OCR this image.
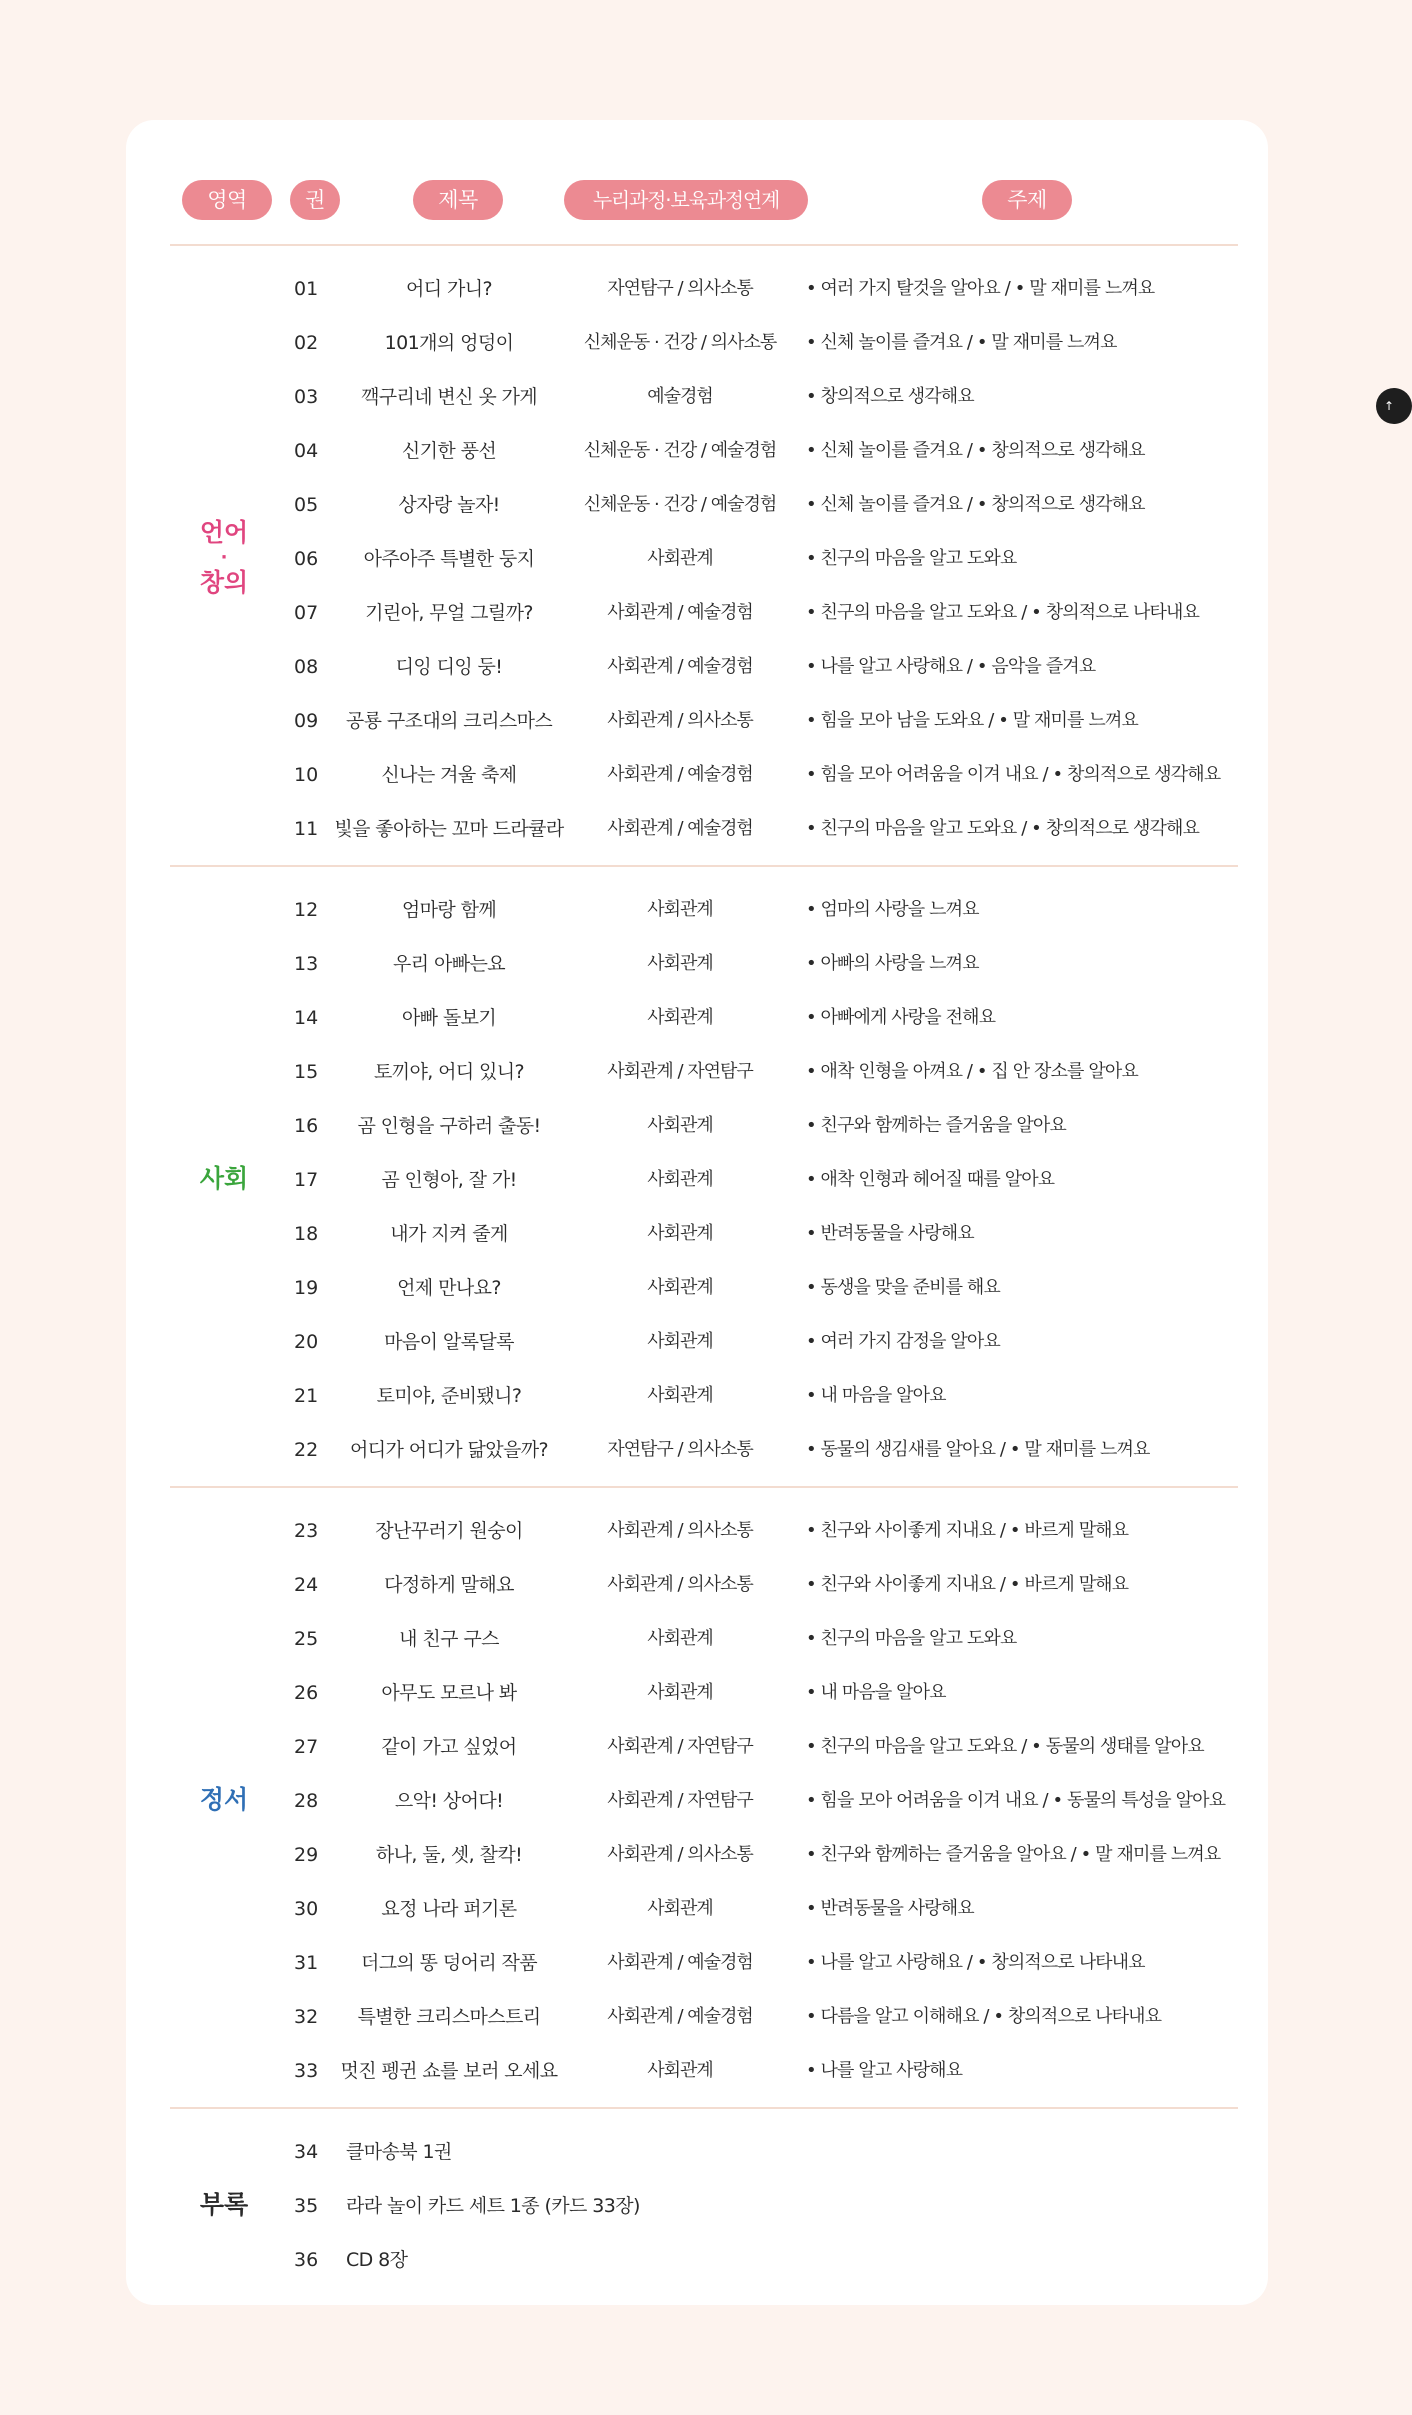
영역	권	제목	누리과정·보육과정연계	주제
언어
·
창의
01	어디 가니?	자연탐구 / 의사소통	• 여러 가지 탈것을 알아요 / • 말 재미를 느껴요
02	101개의 엉덩이	신체운동 · 건강 / 의사소통	• 신체 놀이를 즐겨요 / • 말 재미를 느껴요
03	깩구리네 변신 옷 가게	예술경험	• 창의적으로 생각해요
04	신기한 풍선	신체운동 · 건강 / 예술경험	• 신체 놀이를 즐겨요 / • 창의적으로 생각해요
05	상자랑 놀자!	신체운동 · 건강 / 예술경험	• 신체 놀이를 즐겨요 / • 창의적으로 생각해요
06	아주아주 특별한 둥지	사회관계	• 친구의 마음을 알고 도와요
07	기린아, 무얼 그릴까?	사회관계 / 예술경험	• 친구의 마음을 알고 도와요 / • 창의적으로 나타내요
08	디잉 디잉 둥!	사회관계 / 예술경험	• 나를 알고 사랑해요 / • 음악을 즐겨요
09	공룡 구조대의 크리스마스	사회관계 / 의사소통	• 힘을 모아 남을 도와요 / • 말 재미를 느껴요
10	신나는 겨울 축제	사회관계 / 예술경험	• 힘을 모아 어려움을 이겨 내요 / • 창의적으로 생각해요
11 빛을 좋아하는 꼬마 드라큘라	사회관계 / 예술경험	• 친구의 마음을 알고 도와요 / • 창의적으로 생각해요
사회
12	엄마랑 함께	사회관계	• 엄마의 사랑을 느껴요
13	우리 아빠는요	사회관계	• 아빠의 사랑을 느껴요
14	아빠 돌보기	사회관계	• 아빠에게 사랑을 전해요
15	토끼야, 어디 있니?	사회관계 / 자연탐구	• 애착 인형을 아껴요 / • 집 안 장소를 알아요
16	곰 인형을 구하러 출동!	사회관계	• 친구와 함께하는 즐거움을 알아요
17	곰 인형아, 잘 가!	사회관계	• 애착 인형과 헤어질 때를 알아요
18	내가 지켜 줄게	사회관계	• 반려동물을 사랑해요
19	언제 만나요?	사회관계	• 동생을 맞을 준비를 해요
20	마음이 알록달록	사회관계	• 여러 가지 감정을 알아요
21	토미야, 준비됐니?	사회관계	• 내 마음을 알아요
22	어디가 어디가 닮았을까?	자연탐구 / 의사소통	• 동물의 생김새를 알아요 / • 말 재미를 느껴요
정서
23	장난꾸러기 원숭이	사회관계 / 의사소통	• 친구와 사이좋게 지내요 / • 바르게 말해요
24	다정하게 말해요	사회관계 / 의사소통	• 친구와 사이좋게 지내요 / • 바르게 말해요
25	내 친구 구스	사회관계	• 친구의 마음을 알고 도와요
26	아무도 모르나 봐	사회관계	• 내 마음을 알아요
27	같이 가고 싶었어	사회관계 / 자연탐구	• 친구의 마음을 알고 도와요 / • 동물의 생태를 알아요
28	으악! 상어다!	사회관계 / 자연탐구	• 힘을 모아 어려움을 이겨 내요 / • 동물의 특성을 알아요
29	하나, 둘, 셋, 찰칵!	사회관계 / 의사소통	• 친구와 함께하는 즐거움을 알아요 / • 말 재미를 느껴요
30	요정 나라 퍼기론	사회관계	• 반려동물을 사랑해요
31	더그의 똥 덩어리 작품	사회관계 / 예술경험	• 나를 알고 사랑해요 / • 창의적으로 나타내요
32	특별한 크리스마스트리	사회관계 / 예술경험	• 다름을 알고 이해해요 / • 창의적으로 나타내요
33	멋진 펭귄 쇼를 보러 오세요	사회관계	• 나를 알고 사랑해요
부록
34	클마송북 1권
35	라라 놀이 카드 세트 1종 (카드 33장)
36	CD 8장
↑
